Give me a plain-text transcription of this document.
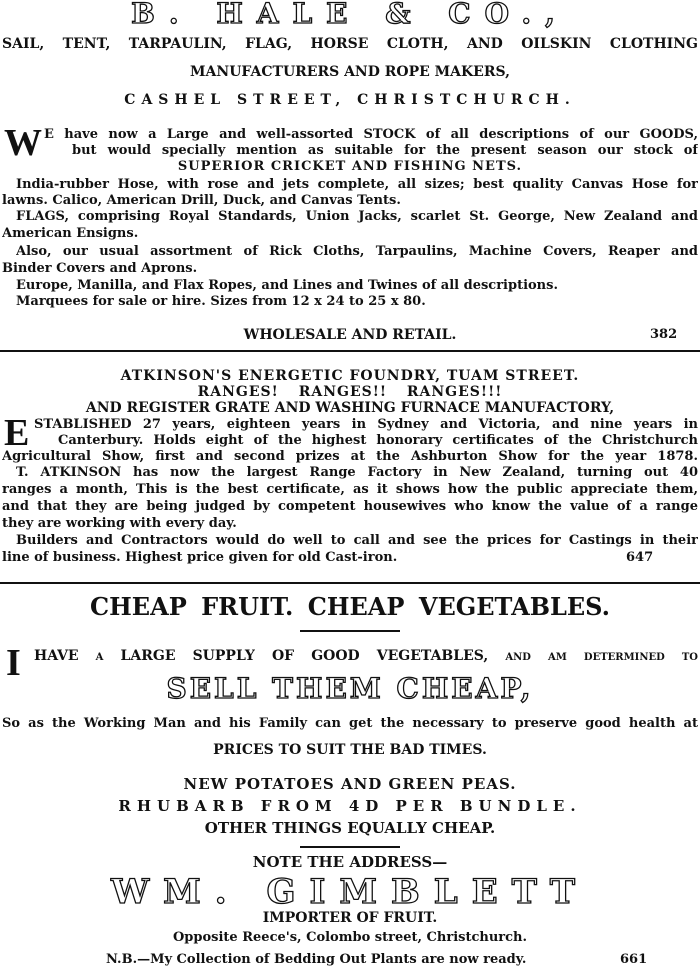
B. HALE & CO.,
SAIL, TENT, TARPAULIN, FLAG, HORSE CLOTH, AND OILSKIN CLOTHING
MANUFACTURERS AND ROPE MAKERS,
CASHEL STREET, CHRISTCHURCH.
W E have now a Large and well-assorted STOCK of all descriptions of our GOODS,
but would specially mention as suitable for the present season our stock of
SUPERIOR CRICKET AND FISHING NETS.
India-rubber Hose, with rose and jets complete, all sizes; best quality Canvas Hose for
lawns. Calico, American Drill, Duck, and Canvas Tents.
FLAGS, comprising Royal Standards, Union Jacks, scarlet St. George, New Zealand and
American Ensigns.
Also, our usual assortment of Rick Cloths, Tarpaulins, Machine Covers, Reaper and
Binder Covers and Aprons.
Europe, Manilla, and Flax Ropes, and Lines and Twines of all descriptions.
Marquees for sale or hire. Sizes from 12 x 24 to 25 x 80.
WHOLESALE AND RETAIL.	382
ATKINSON'S ENERGETIC FOUNDRY, TUAM STREET.
RANGES! RANGES!! RANGES!!!
AND REGISTER GRATE AND WASHING FURNACE MANUFACTORY,
E STABLISHED 27 years, eighteen years in Sydney and Victoria, and nine years in
Canterbury. Holds eight of the highest honorary certificates of the Christchurch
Agricultural Show, first and second prizes at the Ashburton Show for the year 1878.
T. ATKINSON has now the largest Range Factory in New Zealand, turning out 40
ranges a month, This is the best certificate, as it shows how the public appreciate them,
and that they are being judged by competent housewives who know the value of a range
they are working with every day.
Builders and Contractors would do well to call and see the prices for Castings in their
line of business. Highest price given for old Cast-iron.	647
CHEAP FRUIT. CHEAP VEGETABLES.
I HAVE a LARGE SUPPLY OF GOOD VEGETABLES, and am determined to
SELL THEM CHEAP,
So as the Working Man and his Family can get the necessary to preserve good health at
PRICES TO SUIT THE BAD TIMES.
NEW POTATOES AND GREEN PEAS.
RHUBARB FROM 4D PER BUNDLE.
OTHER THINGS EQUALLY CHEAP.
NOTE THE ADDRESS—
WM. GIMBLETT
IMPORTER OF FRUIT.
Opposite Reece's, Colombo street, Christchurch.
N.B.—My Collection of Bedding Out Plants are now ready.	661
